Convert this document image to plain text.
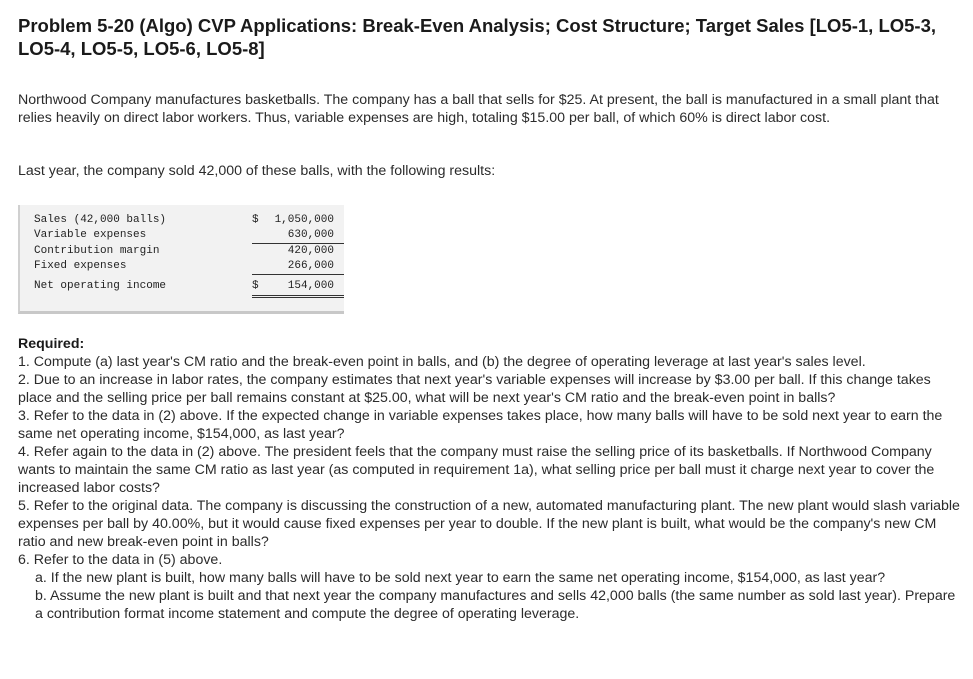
Problem 5-20 (Algo) CVP Applications: Break-Even Analysis; Cost Structure; Target Sales [LO5-1, LO5-3, LO5-4, LO5-5, LO5-6, LO5-8]
Northwood Company manufactures basketballs. The company has a ball that sells for $25. At present, the ball is manufactured in a small plant that relies heavily on direct labor workers. Thus, variable expenses are high, totaling $15.00 per ball, of which 60% is direct labor cost.
Last year, the company sold 42,000 of these balls, with the following results:
Sales (42,000 balls)	$ 1,050,000
Variable expenses	630,000
Contribution margin	420,000
Fixed expenses	266,000
Net operating income	$	154,000
Required:

1. Compute (a) last year's CM ratio and the break-even point in balls, and (b) the degree of operating leverage at last year's sales level.

2. Due to an increase in labor rates, the company estimates that next year's variable expenses will increase by $3.00 per ball. If this change takes place and the selling price per ball remains constant at $25.00, what will be next year's CM ratio and the break-even point in balls?

3. Refer to the data in (2) above. If the expected change in variable expenses takes place, how many balls will have to be sold next year to earn the same net operating income, $154,000, as last year?

4. Refer again to the data in (2) above. The president feels that the company must raise the selling price of its basketballs. If Northwood Company wants to maintain the same CM ratio as last year (as computed in requirement 1a), what selling price per ball must it charge next year to cover the increased labor costs?

5. Refer to the original data. The company is discussing the construction of a new, automated manufacturing plant. The new plant would slash variable expenses per ball by 40.00%, but it would cause fixed expenses per year to double. If the new plant is built, what would be the company's new CM ratio and new break-even point in balls?

6. Refer to the data in (5) above.

a. If the new plant is built, how many balls will have to be sold next year to earn the same net operating income, $154,000, as last year?

b. Assume the new plant is built and that next year the company manufactures and sells 42,000 balls (the same number as sold last year). Prepare a contribution format income statement and compute the degree of operating leverage.
